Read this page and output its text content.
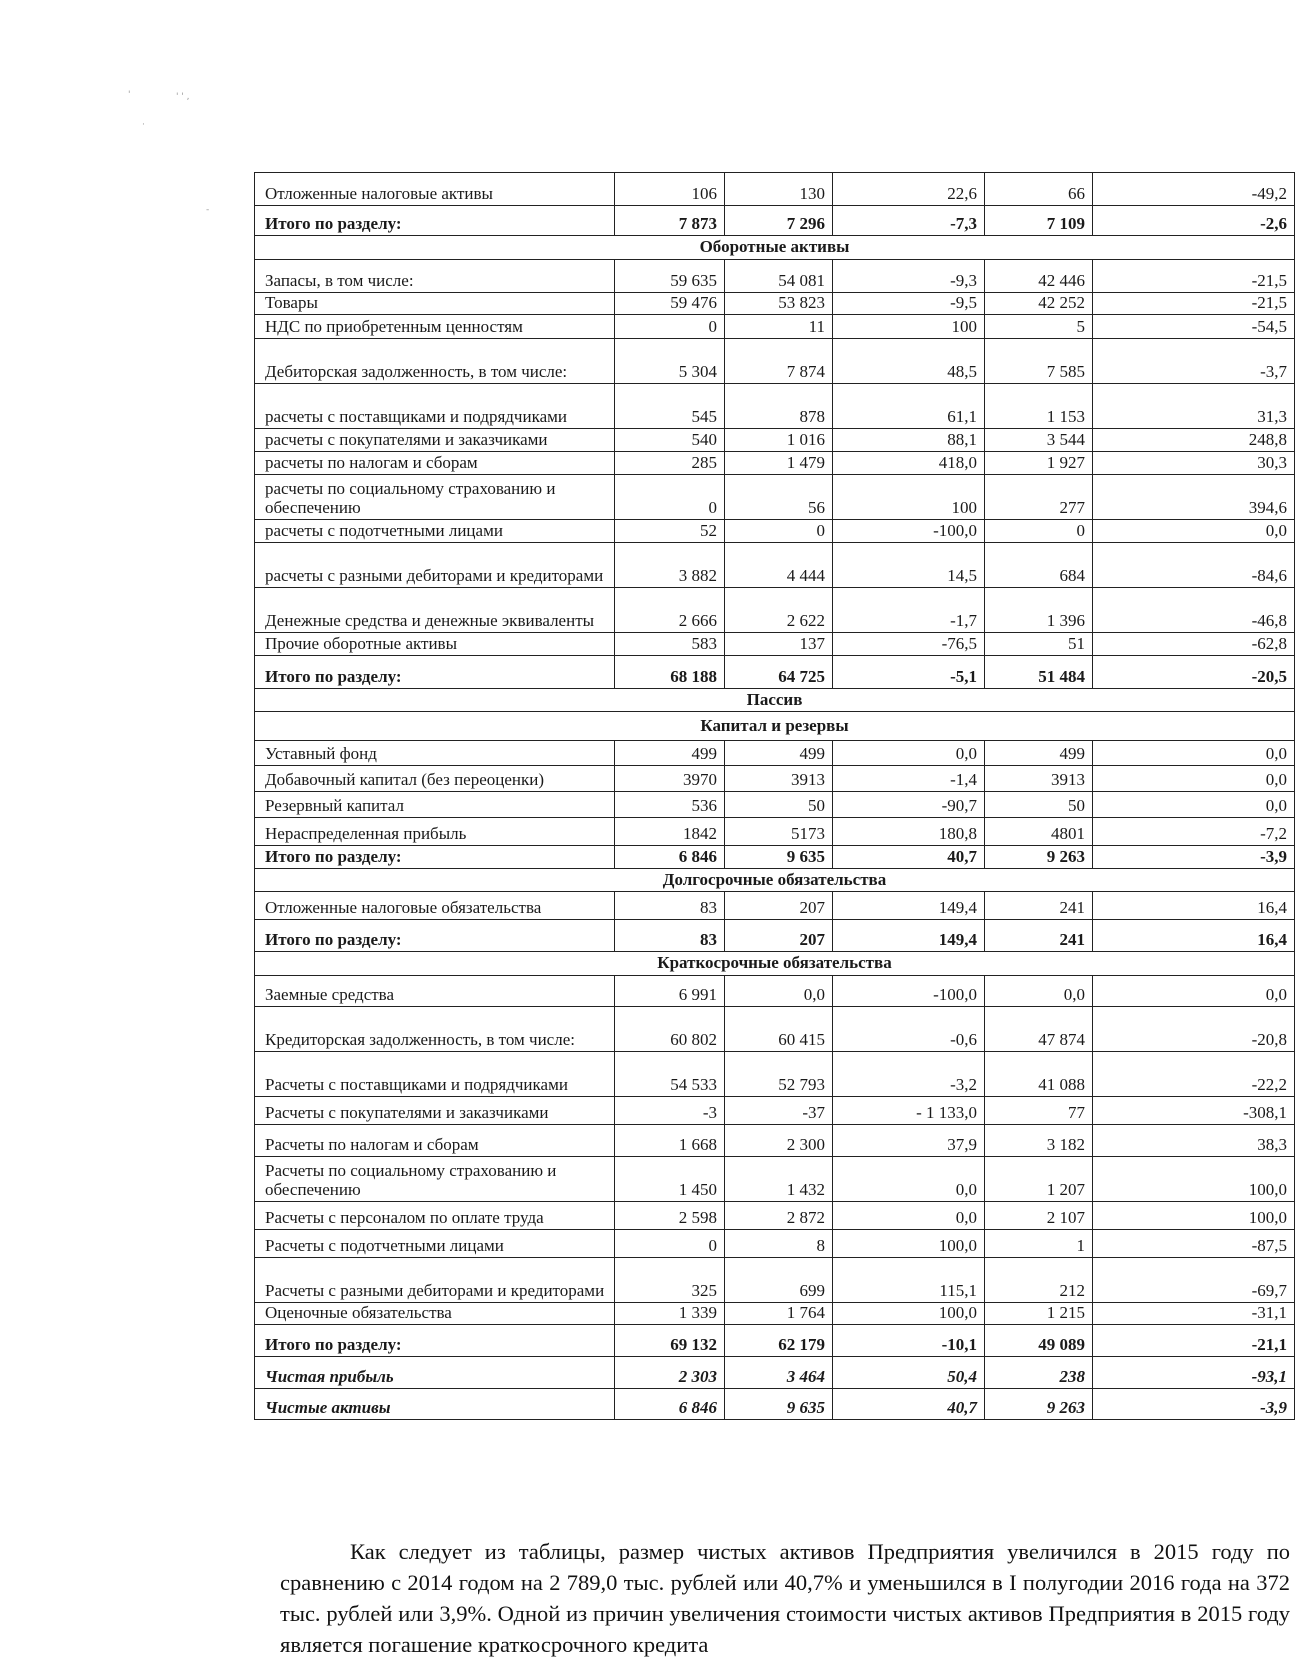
'	' ' ,
·
-
Отложенные налоговые активы	106	130	22,6	66	-49,2
Итого по разделу:	7 873	7 296	-7,3	7 109	-2,6
Оборотные активы					
Запасы, в том числе:	59 635	54 081	-9,3	42 446	-21,5
Товары	59 476	53 823	-9,5	42 252	-21,5
НДС по приобретенным ценностям	0	11	100	5	-54,5
Дебиторская задолженность, в том числе:	5 304	7 874	48,5	7 585	-3,7
расчеты с поставщиками и подрядчиками	545	878	61,1	1 153	31,3
расчеты с покупателями и заказчиками	540	1 016	88,1	3 544	248,8
расчеты по налогам и сборам	285	1 479	418,0	1 927	30,3
расчеты по социальному страхованию и обеспечению	0	56	100	277	394,6
расчеты с подотчетными лицами	52	0	-100,0	0	0,0
расчеты с разными дебиторами и кредиторами	3 882	4 444	14,5	684	-84,6
Денежные средства и денежные эквиваленты	2 666	2 622	-1,7	1 396	-46,8
Прочие оборотные активы	583	137	-76,5	51	-62,8
Итого по разделу:	68 188	64 725	-5,1	51 484	-20,5
Пассив					
Капитал и резервы					
Уставный фонд	499	499	0,0	499	0,0
Добавочный капитал (без переоценки)	3970	3913	-1,4	3913	0,0
Резервный капитал	536	50	-90,7	50	0,0
Нераспределенная прибыль	1842	5173	180,8	4801	-7,2
Итого по разделу:	6 846	9 635	40,7	9 263	-3,9
Долгосрочные обязательства					
Отложенные налоговые обязательства	83	207	149,4	241	16,4
Итого по разделу:	83	207	149,4	241	16,4
Краткосрочные обязательства					
Заемные средства	6 991	0,0	-100,0	0,0	0,0
Кредиторская задолженность, в том числе:	60 802	60 415	-0,6	47 874	-20,8
Расчеты с поставщиками и подрядчиками	54 533	52 793	-3,2	41 088	-22,2
Расчеты с покупателями и заказчиками	-3	-37	- 1 133,0	77	-308,1
Расчеты по налогам и сборам	1 668	2 300	37,9	3 182	38,3
Расчеты по социальному страхованию и обеспечению	1 450	1 432	0,0	1 207	100,0
Расчеты с персоналом по оплате труда	2 598	2 872	0,0	2 107	100,0
Расчеты с подотчетными лицами	0	8	100,0	1	-87,5
Расчеты с разными дебиторами и кредиторами	325	699	115,1	212	-69,7
Оценочные обязательства	1 339	1 764	100,0	1 215	-31,1
Итого по разделу:	69 132	62 179	-10,1	49 089	-21,1
Чистая прибыль	2 303	3 464	50,4	238	-93,1
Чистые активы	6 846	9 635	40,7	9 263	-3,9

Как следует из таблицы, размер чистых активов Предприятия увеличился в 2015 году по сравнению с 2014 годом на 2 789,0 тыс. рублей или 40,7% и уменьшился в I полугодии 2016 года на 372 тыс. рублей или 3,9%. Одной из причин увеличения стоимости чистых активов Предприятия в 2015 году является погашение краткосрочного кредита
